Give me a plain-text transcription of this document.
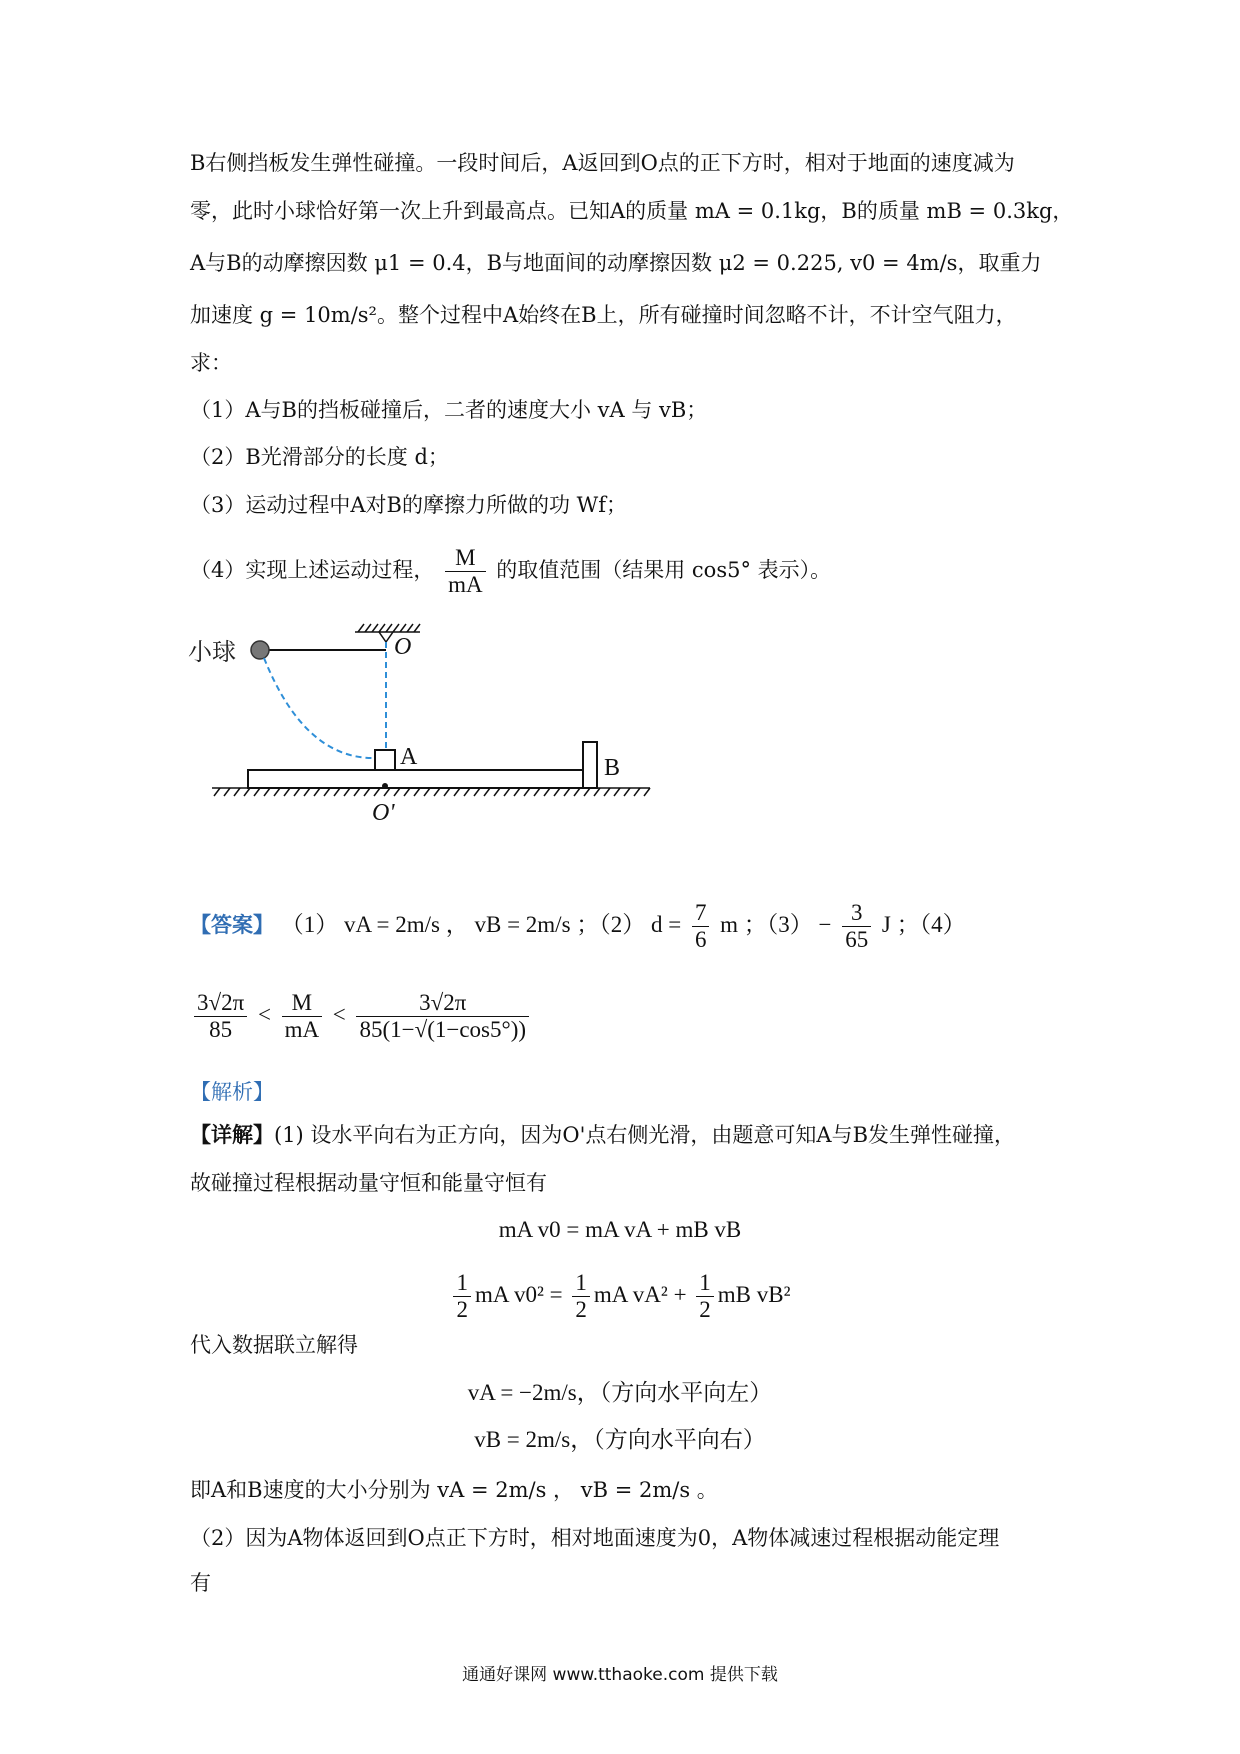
B右侧挡板发生弹性碰撞。一段时间后，A返回到O点的正下方时，相对于地面的速度减为
零，此时小球恰好第一次上升到最高点。已知A的质量 mA = 0.1kg，B的质量 mB = 0.3kg，
A与B的动摩擦因数 μ1 = 0.4，B与地面间的动摩擦因数 μ2 = 0.225, v0 = 4m/s，取重力
加速度 g = 10m/s²。整个过程中A始终在B上，所有碰撞时间忽略不计，不计空气阻力，
求：
（1）A与B的挡板碰撞后，二者的速度大小 vA 与 vB；
（2）B光滑部分的长度 d；
（3）运动过程中A对B的摩擦力所做的功 Wf；
（4）实现上述运动过程， $\frac{M}{mA}$ 的取值范围（结果用 cos5° 表示）。
小球	O
A	B
O'
【答案】 （1） vA = 2m/s ， vB = 2m/s ；（2） $d = \frac{7}{6}$ m ；$(3) - \frac{3}{65}$ J ；（4）
$\frac{3√2\pi}{85} < \frac{M}{mA} < \frac{3√2\pi}{85(1-√(1-\cos 5^\circ))}$
【解析】
【详解】(1) 设水平向右为正方向，因为O'点右侧光滑，由题意可知A与B发生弹性碰撞，
故碰撞过程根据动量守恒和能量守恒有
mA v0 = mA vA + mB vB
$\frac{1}{2}$ mA $v0^2 = \frac{1}{2}$ mA $vA^2 + \frac{1}{2}$ mB vB²
代入数据联立解得
vA = −2m/s，（方向水平向左）
vB = 2m/s，（方向水平向右）
即A和B速度的大小分别为 vA = 2m/s ， vB = 2m/s 。
（2）因为A物体返回到O点正下方时，相对地面速度为0，A物体减速过程根据动能定理
有
通通好课网 www.tthaoke.com 提供下载
